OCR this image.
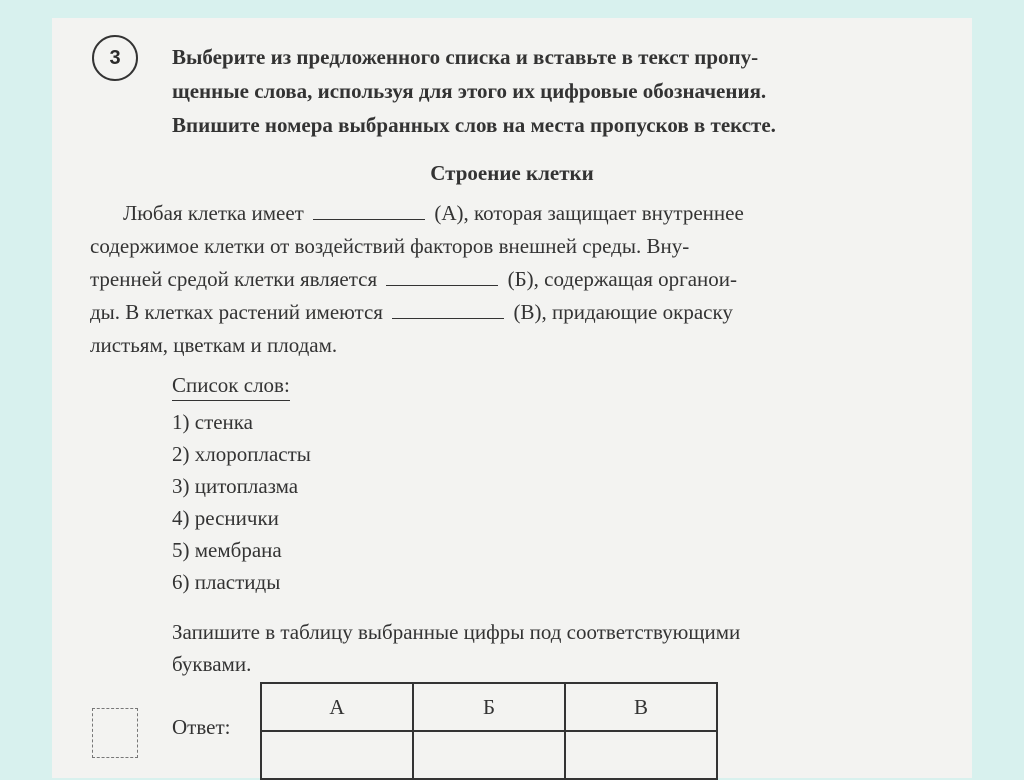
3	Выберите из предложенного списка и вставьте в текст пропу-
щенные слова, используя для этого их цифровые обозначения.
Впишите номера выбранных слов на места пропусков в тексте.
Строение клетки
Любая клетка имеет	(А), которая защищает внутреннее
содержимое клетки от воздействий факторов внешней среды. Вну-
тренней средой клетки является	(Б), содержащая органои-
ды. В клетках растений имеются	(В), придающие окраску
листьям, цветкам и плодам.
Список слов:
1) стенка
2) хлоропласты
3) цитоплазма
4) реснички
5) мембрана
6) пластиды
Запишите в таблицу выбранные цифры под соответствующими
буквами.
Ответ:
А	Б	В
